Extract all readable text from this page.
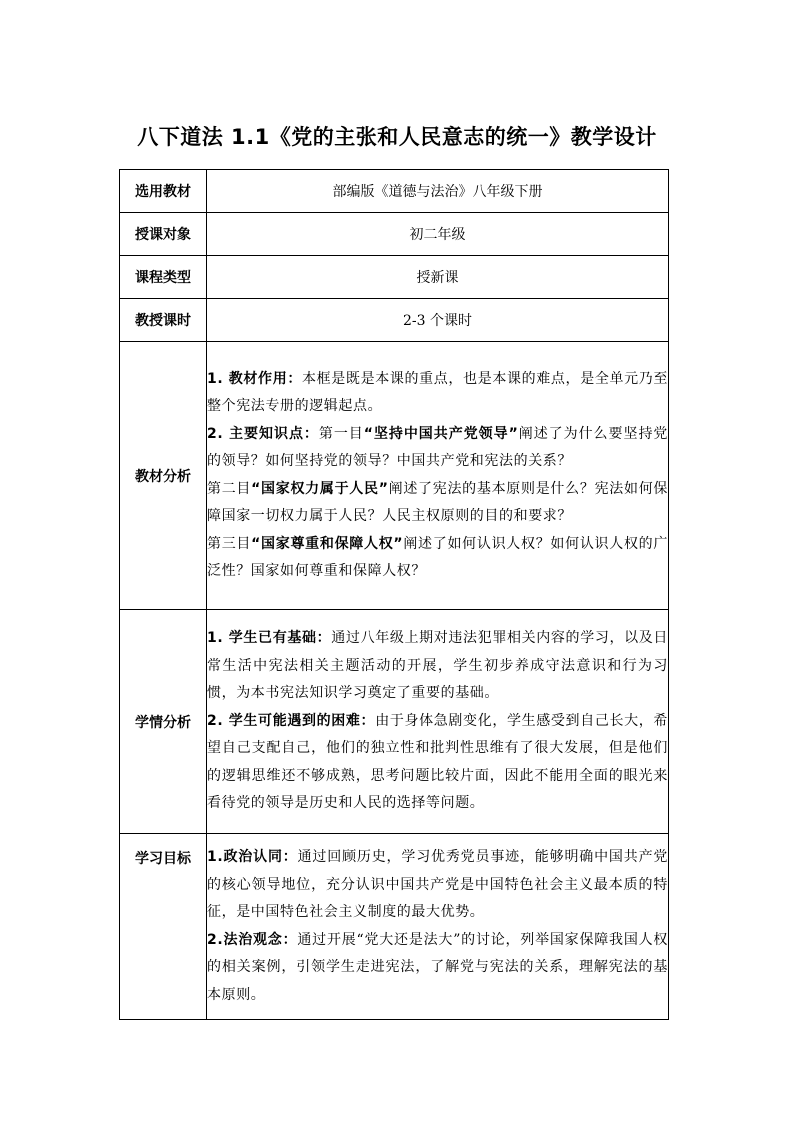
八下道法 1.1《党的主张和人民意志的统一》教学设计
选用教材	部编版《道德与法治》八年级下册
授课对象	初二年级
课程类型	授新课
教授课时	2-3 个课时
教材分析	1. 教材作用：本框是既是本课的重点，也是本课的难点，是全单元乃至整个宪法专册的逻辑起点。

2. 主要知识点：第一目“坚持中国共产党领导”阐述了为什么要坚持党的领导？如何坚持党的领导？中国共产党和宪法的关系？

第二目“国家权力属于人民”阐述了宪法的基本原则是什么？宪法如何保障国家一切权力属于人民？人民主权原则的目的和要求？

第三目“国家尊重和保障人权”阐述了如何认识人权？如何认识人权的广泛性？国家如何尊重和保障人权？

学情分析	1. 学生已有基础：通过八年级上期对违法犯罪相关内容的学习，以及日常生活中宪法相关主题活动的开展，学生初步养成守法意识和行为习惯，为本书宪法知识学习奠定了重要的基础。

2. 学生可能遇到的困难：由于身体急剧变化，学生感受到自己长大，希望自己支配自己，他们的独立性和批判性思维有了很大发展，但是他们的逻辑思维还不够成熟，思考问题比较片面，因此不能用全面的眼光来看待党的领导是历史和人民的选择等问题。

学习目标	1.政治认同：通过回顾历史，学习优秀党员事迹，能够明确中国共产党的核心领导地位，充分认识中国共产党是中国特色社会主义最本质的特征，是中国特色社会主义制度的最大优势。

2.法治观念：通过开展“党大还是法大”的讨论，列举国家保障我国人权的相关案例，引领学生走进宪法，了解党与宪法的关系，理解宪法的基本原则。
